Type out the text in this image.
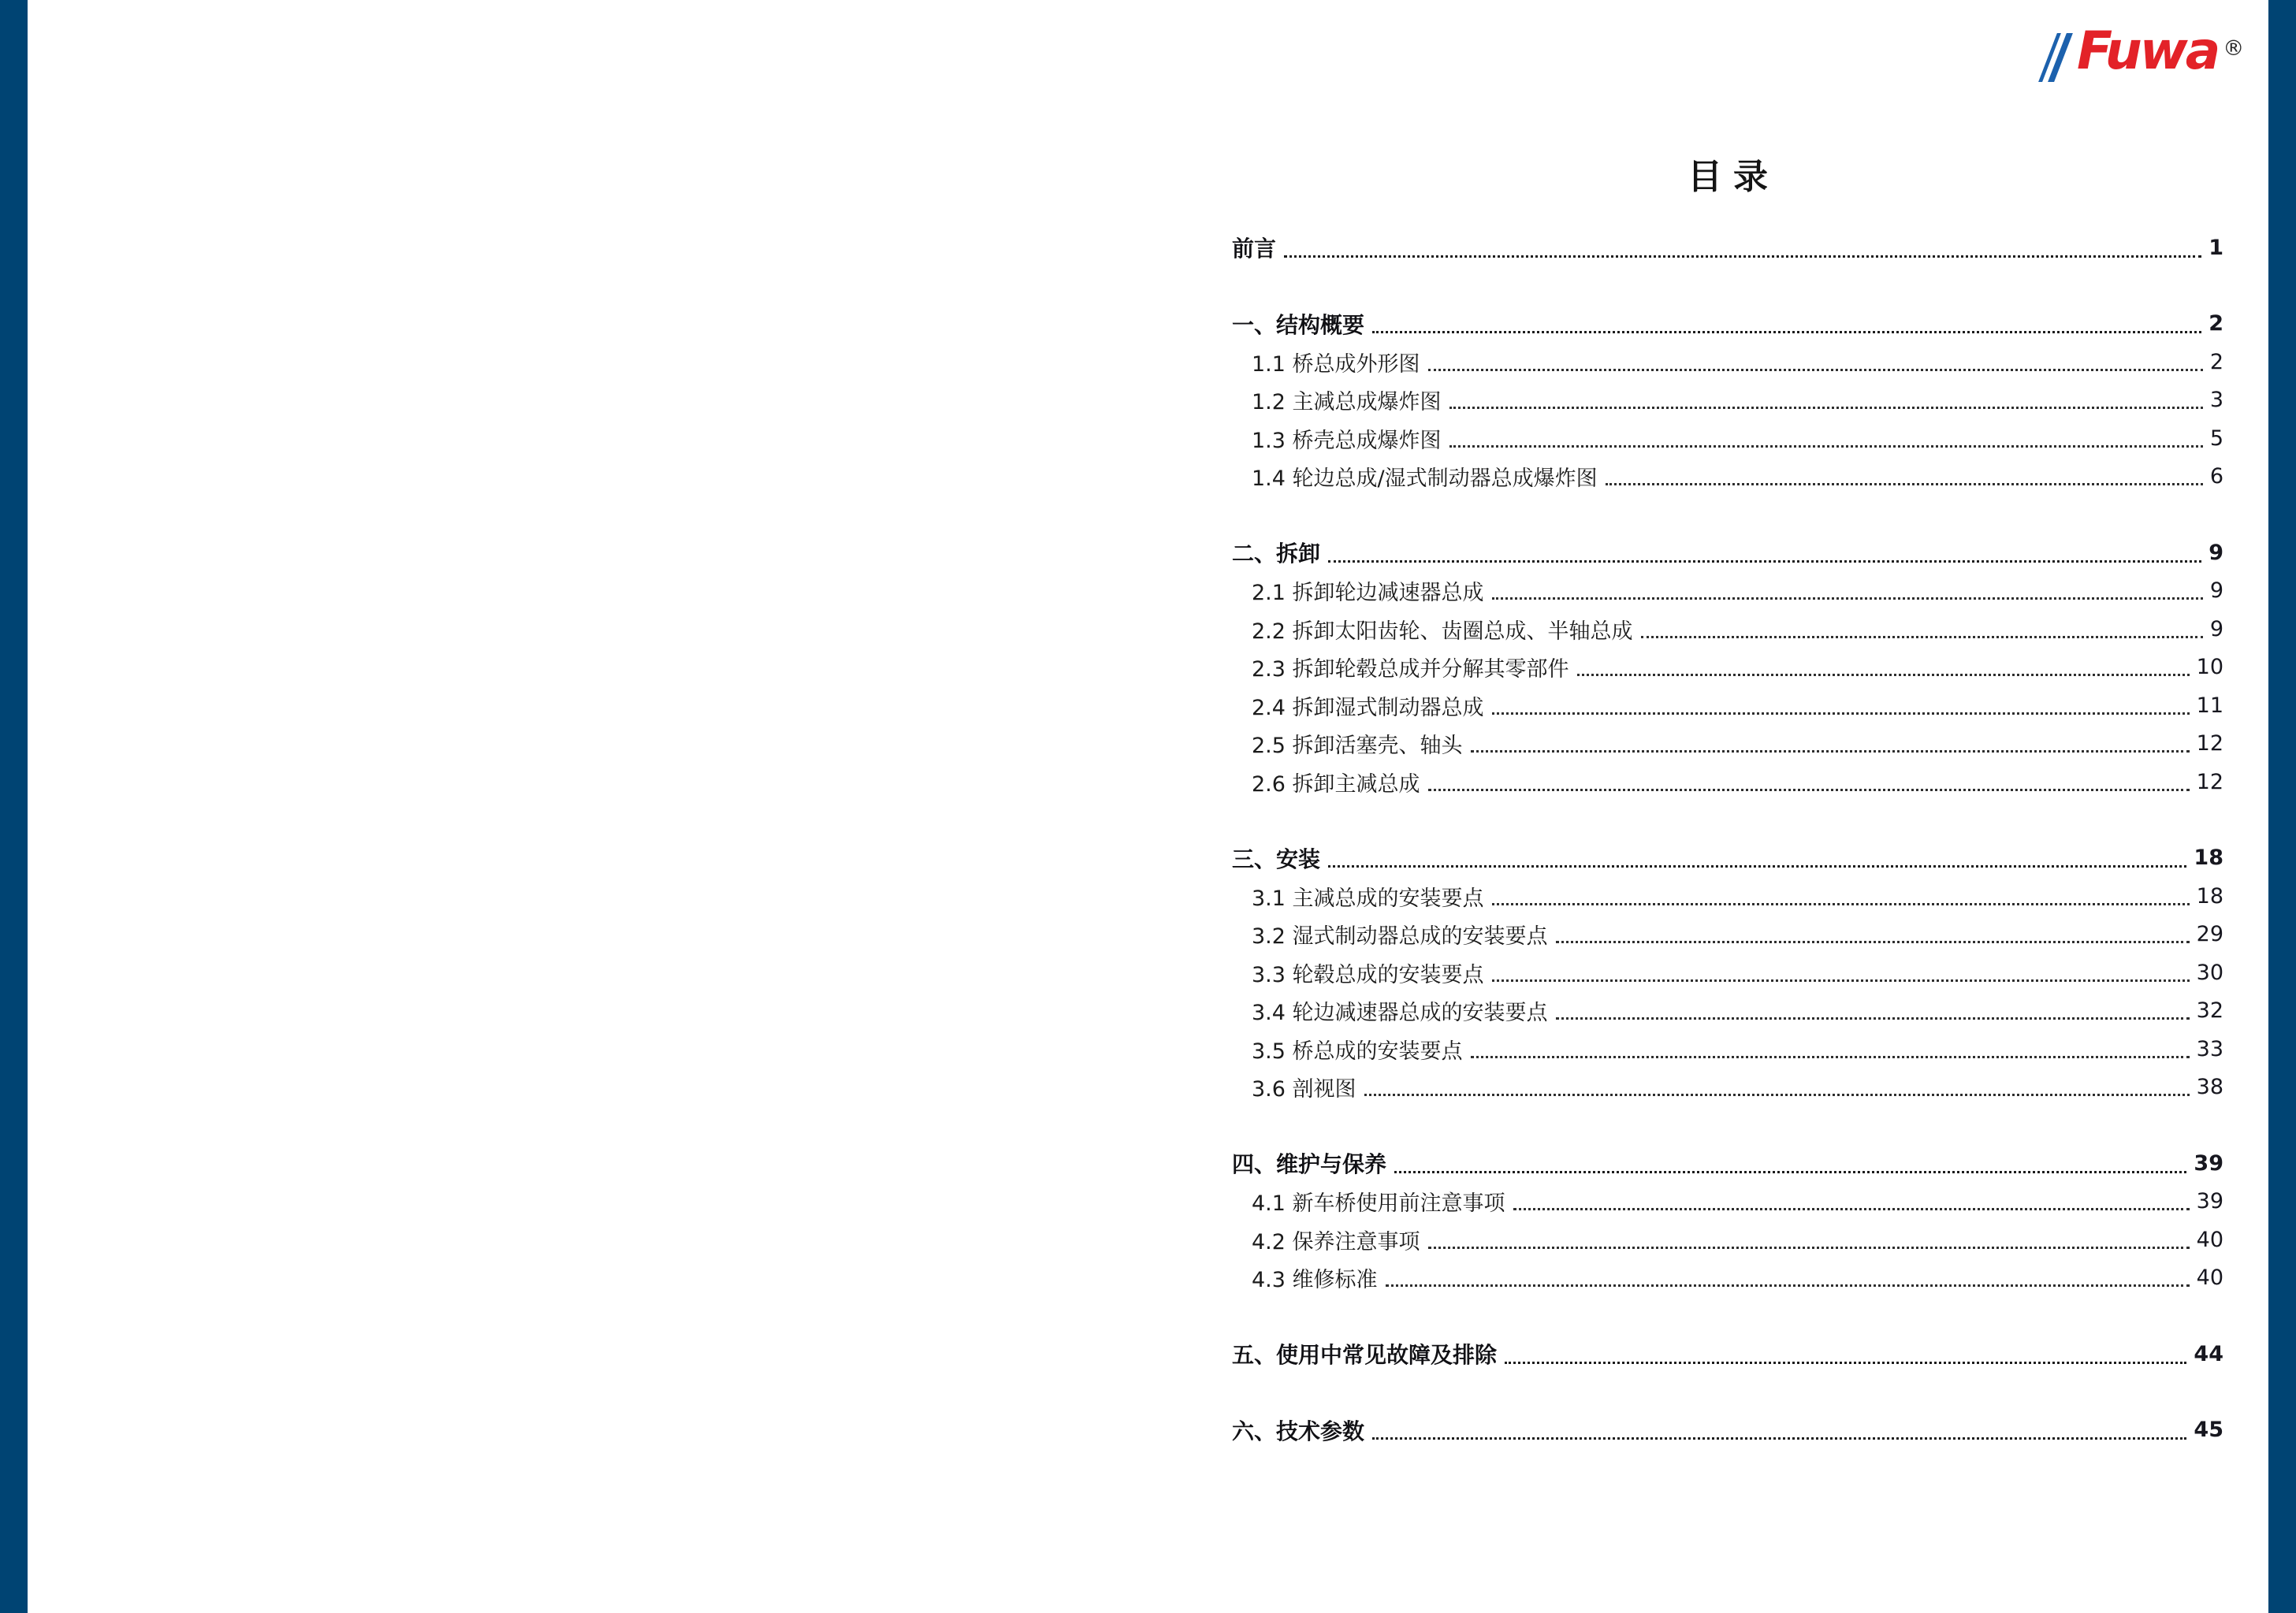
Fuwa ®
目录
前言	1
一、结构概要	2
1.1 桥总成外形图	2
1.2 主减总成爆炸图	3
1.3 桥壳总成爆炸图	5
1.4 轮边总成/湿式制动器总成爆炸图	6
二、拆卸	9
2.1 拆卸轮边减速器总成	9
2.2 拆卸太阳齿轮、齿圈总成、半轴总成	9
2.3 拆卸轮毂总成并分解其零部件	10
2.4 拆卸湿式制动器总成	11
2.5 拆卸活塞壳、轴头	12
2.6 拆卸主减总成	12
三、安装	18
3.1 主减总成的安装要点	18
3.2 湿式制动器总成的安装要点	29
3.3 轮毂总成的安装要点	30
3.4 轮边减速器总成的安装要点	32
3.5 桥总成的安装要点	33
3.6 剖视图	38
四、维护与保养	39
4.1 新车桥使用前注意事项	39
4.2 保养注意事项	40
4.3 维修标准	40
五、使用中常见故障及排除	44
六、技术参数	45
